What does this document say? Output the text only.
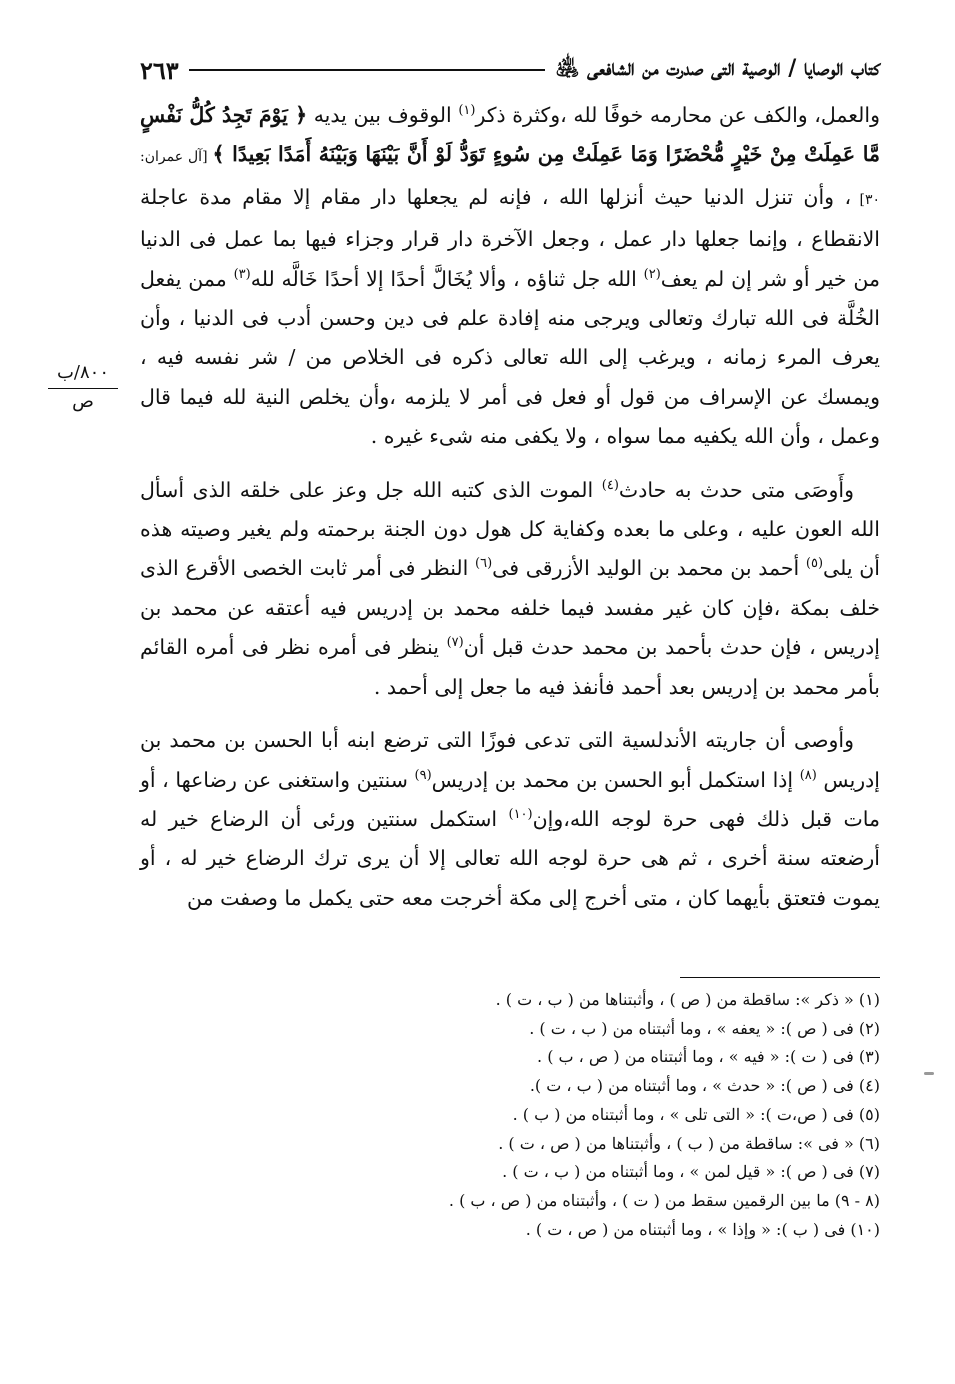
كتاب الوصايا / الوصية التى صدرت من الشافعى ﵁
٢٦٣
٨٠٠/ب
ص

والعمل، والكف عن محارمه خوفًا لله ،وكثرة ذكر$^{(١)}$ الوقوف بين يديه ﴿ يَوْمَ تَجِدُ كُلُّ نَفْسٍ مَّا عَمِلَتْ مِنْ خَيْرٍ مُّحْضَرًا وَمَا عَمِلَتْ مِن سُوءٍ تَوَدُّ لَوْ أَنَّ بَيْنَهَا وَبَيْنَهُ أَمَدًا بَعِيدًا ﴾ [آل عمران: ٣٠] ، وأن تنزل الدنيا حيث أنزلها الله ، فإنه لم يجعلها دار مقام إلا مقام مدة عاجلة الانقطاع ، وإنما جعلها دار عمل ، وجعل الآخرة دار قرار وجزاء فيها بما عمل فى الدنيا من خير أو شر إن لم يعف$^{(٢)}$ الله جل ثناؤه ، وألا يُخَالَّ أحدًا إلا أحدًا خَالَّه لله$^{(٣)}$ ممن يفعل الخُلَّة فى الله تبارك وتعالى ويرجى منه إفادة علم فى دين وحسن أدب فى الدنيا ، وأن يعرف المرء زمانه ، ويرغب إلى الله تعالى ذكره فى الخلاص من / شر نفسه فيه ، ويمسك عن الإسراف من قول أو فعل فى أمر لا يلزمه ،وأن يخلص النية لله فيما قال وعمل ، وأن الله يكفيه مما سواه ، ولا يكفى منه شىء غيره .

وأَوصَى متى حدث به حادث$^{(٤)}$ الموت الذى كتبه الله جل وعز على خلقه الذى أسأل الله العون عليه ، وعلى ما بعده وكفاية كل هول دون الجنة برحمته ولم يغير وصيته هذه أن يلى$^{(٥)}$ أحمد بن محمد بن الوليد الأزرقى فى$^{(٦)}$ النظر فى أمر ثابت الخصى الأقرع الذى خلف بمكة ،فإن كان غير مفسد فيما خلفه محمد بن إدريس فيه أعتقه عن محمد بن إدريس ، فإن حدث بأحمد بن محمد حدث قبل أن$^{(٧)}$ ينظر فى أمره نظر فى أمره القائم بأمر محمد بن إدريس بعد أحمد فأنفذ فيه ما جعل إلى أحمد .

وأوصى أن جاريته الأندلسية التى تدعى فوزًا التى ترضع ابنه أبا الحسن بن محمد بن إدريس $^{(٨)}$ إذا استكمل أبو الحسن بن محمد بن إدريس$^{(٩)}$ سنتين واستغنى عن رضاعها ، أو مات قبل ذلك فهى حرة لوجه الله،وإن$^{(١٠)}$ استكمل سنتين ورئى أن الرضاع خير له أرضعته سنة أخرى ، ثم هى حرة لوجه الله تعالى إلا أن يرى ترك الرضاع خير له ، أو يموت فتعتق بأيهما كان ، متى أخرج إلى مكة أخرجت معه حتى يكمل ما وصفت من

(١) « ذكر »: ساقطة من ( ص ) ، وأثبتناها من ( ب ، ت ) .
(٢) فى ( ص ): « يعفه » ، وما أثبتناه من ( ب ، ت ) .
(٣) فى ( ت ): « فيه » ، وما أثبتناه من ( ص ، ب ) .
(٤) فى ( ص ): « حدث » ، وما أثبتناه من ( ب ، ت ).
(٥) فى ( ص،ت ): « التى تلى » ، وما أثبتناه من ( ب ) .
(٦) « فى »: ساقطة من ( ب ) ، وأثبتناها من ( ص ، ت ) .
(٧) فى ( ص ): « قيل لمن » ، وما أثبتناه من ( ب ، ت ) .
(٨ - ٩) ما بين الرقمين سقط من ( ت ) ، وأثبتناه من ( ص ، ب ) .
(١٠) فى ( ب ): « وإذا » ، وما أثبتناه من ( ص ، ت ) .
